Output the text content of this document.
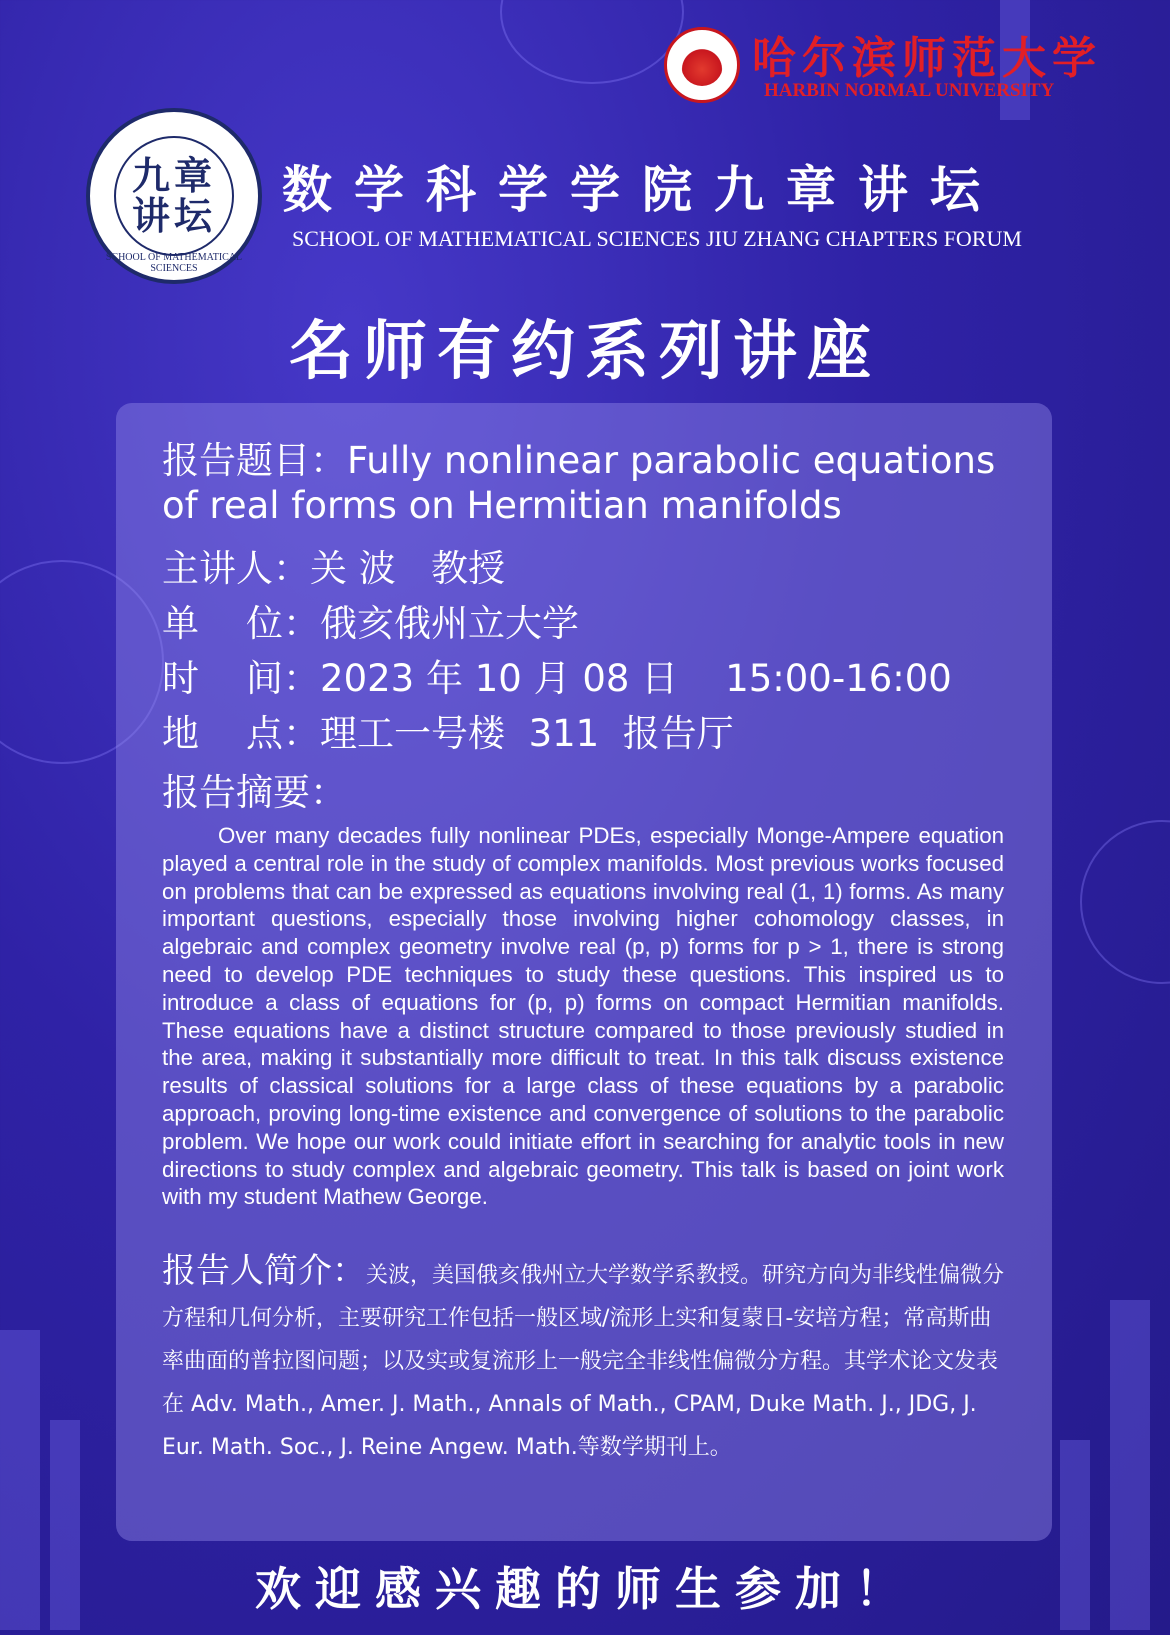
哈尔滨师范大学
HARBIN NORMAL UNIVERSITY
九章讲坛
SCHOOL OF MATHEMATICAL SCIENCES
数学科学学院九章讲坛
SCHOOL OF MATHEMATICAL SCIENCES JIU ZHANG CHAPTERS FORUM
名师有约系列讲座
报告题目：Fully nonlinear parabolic equations
of real forms on Hermitian manifolds
主讲人：关 波   教授
单    位：俄亥俄州立大学
时    间：2023 年 10 月 08 日    15:00-16:00
地    点：理工一号楼  311  报告厅
报告摘要：

Over many decades fully nonlinear PDEs, especially Monge-Ampere equation played a central role in the study of complex manifolds. Most previous works focused on problems that can be expressed as equations involving real (1, 1) forms. As many important questions, especially those involving higher cohomology classes, in algebraic and complex geometry involve real (p, p) forms for p > 1, there is strong need to develop PDE techniques to study these questions. This inspired us to introduce a class of equations for (p, p) forms on compact Hermitian manifolds. These equations have a distinct structure compared to those previously studied in the area, making it substantially more difficult to treat. In this talk discuss existence results of classical solutions for a large class of these equations by a parabolic approach, proving long-time existence and convergence of solutions to the parabolic problem. We hope our work could initiate effort in searching for analytic tools in new directions to study complex and algebraic geometry. This talk is based on joint work with my student Mathew George.

报告人简介：关波，美国俄亥俄州立大学数学系教授。研究方向为非线性偏微分方程和几何分析，主要研究工作包括一般区域/流形上实和复蒙日-安培方程；常高斯曲率曲面的普拉图问题；以及实或复流形上一般完全非线性偏微分方程。其学术论文发表在 Adv. Math., Amer. J. Math., Annals of Math., CPAM, Duke Math. J., JDG, J. Eur. Math. Soc., J. Reine Angew. Math.等数学期刊上。
欢迎感兴趣的师生参加！
